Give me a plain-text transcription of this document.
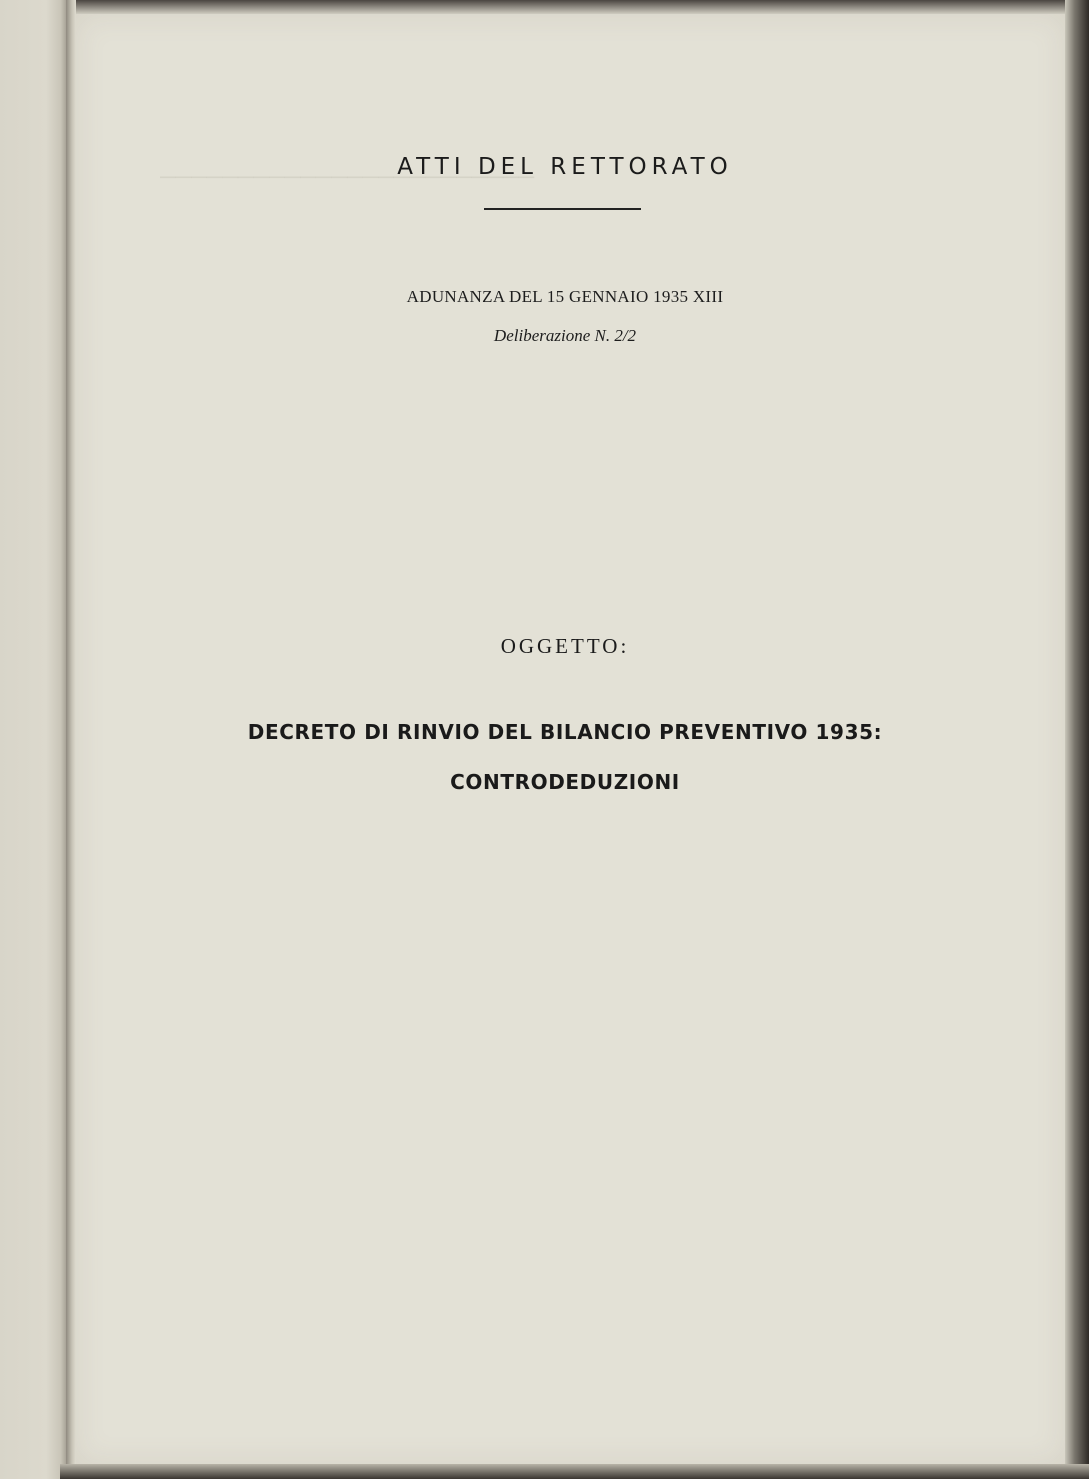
ATTI DEL RETTORATO
ADUNANZA DEL 15 GENNAIO 1935 XIII
Deliberazione N. 2/2
OGGETTO:
DECRETO DI RINVIO DEL BILANCIO PREVENTIVO 1935:
CONTRODEDUZIONI
